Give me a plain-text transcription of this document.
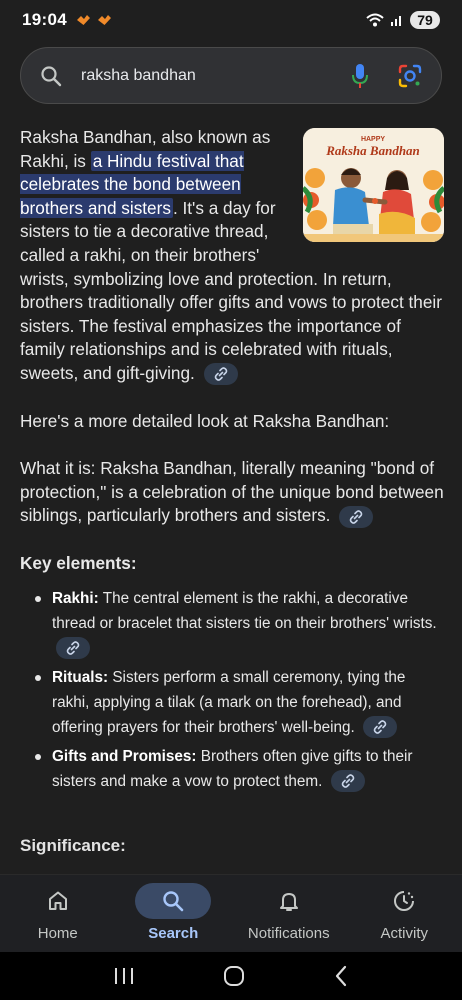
19:04	79
raksha bandhan
HAPPY
Raksha Bandhan

Raksha Bandhan, also known as Rakhi, is a Hindu festival that celebrates the bond between brothers and sisters . It's a day for sisters to tie a decorative thread, called a rakhi, on their brothers' wrists, symbolizing love and protection. In return, brothers traditionally offer gifts and vows to protect their sisters. The festival emphasizes the importance of family relationships and is celebrated with rituals, sweets, and gift-giving.

Here's a more detailed look at Raksha Bandhan:

What it is: Raksha Bandhan, literally meaning "bond of protection," is a celebration of the unique bond between siblings, particularly brothers and sisters.

Key elements:

Rakhi: The central element is the rakhi, a decorative thread or bracelet that sisters tie on their brothers' wrists.
Rituals: Sisters perform a small ceremony, tying the rakhi, applying a tilak (a mark on the forehead), and offering prayers for their brothers' well-being.
Gifts and Promises: Brothers often give gifts to their sisters and make a vow to protect them.
Significance:
Home	Search	Notifications	Activity
